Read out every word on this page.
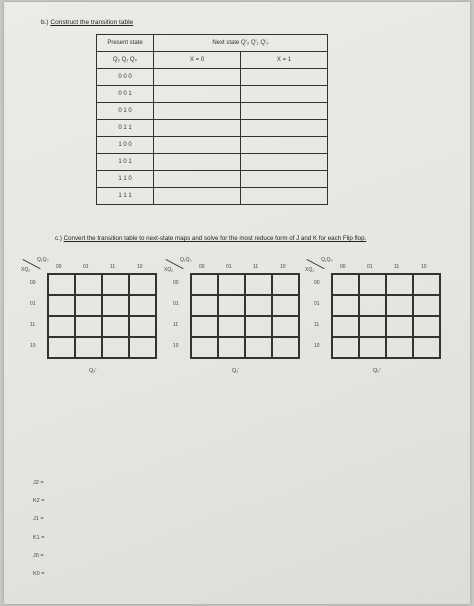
b.) Construct the transition table
Present state	Next state Q'₂ Q'₁ Q'₀	
Q₂ Q₁ Q₀	X = 0	X = 1
0 0 0		
0 0 1		
0 1 0		
0 1 1		
1 0 0		
1 0 1		
1 1 0		
1 1 1		
c.) Convert the transition table to next-state maps and solve for the most reduce form of J and K for each Flip flop.
Q₁Q₀
XQ₂	00	01	11	10
00
01
11
10
Q₂'
Q₁Q₀
XQ₂	00	01	11	10
00
01
11
10
Q₁'
Q₁Q₀
XQ₂	00	01	11	10
00
01
11
10
Q₀'
J2 =
K2 =
J1 =
K1 =
J0 =
K0 =
